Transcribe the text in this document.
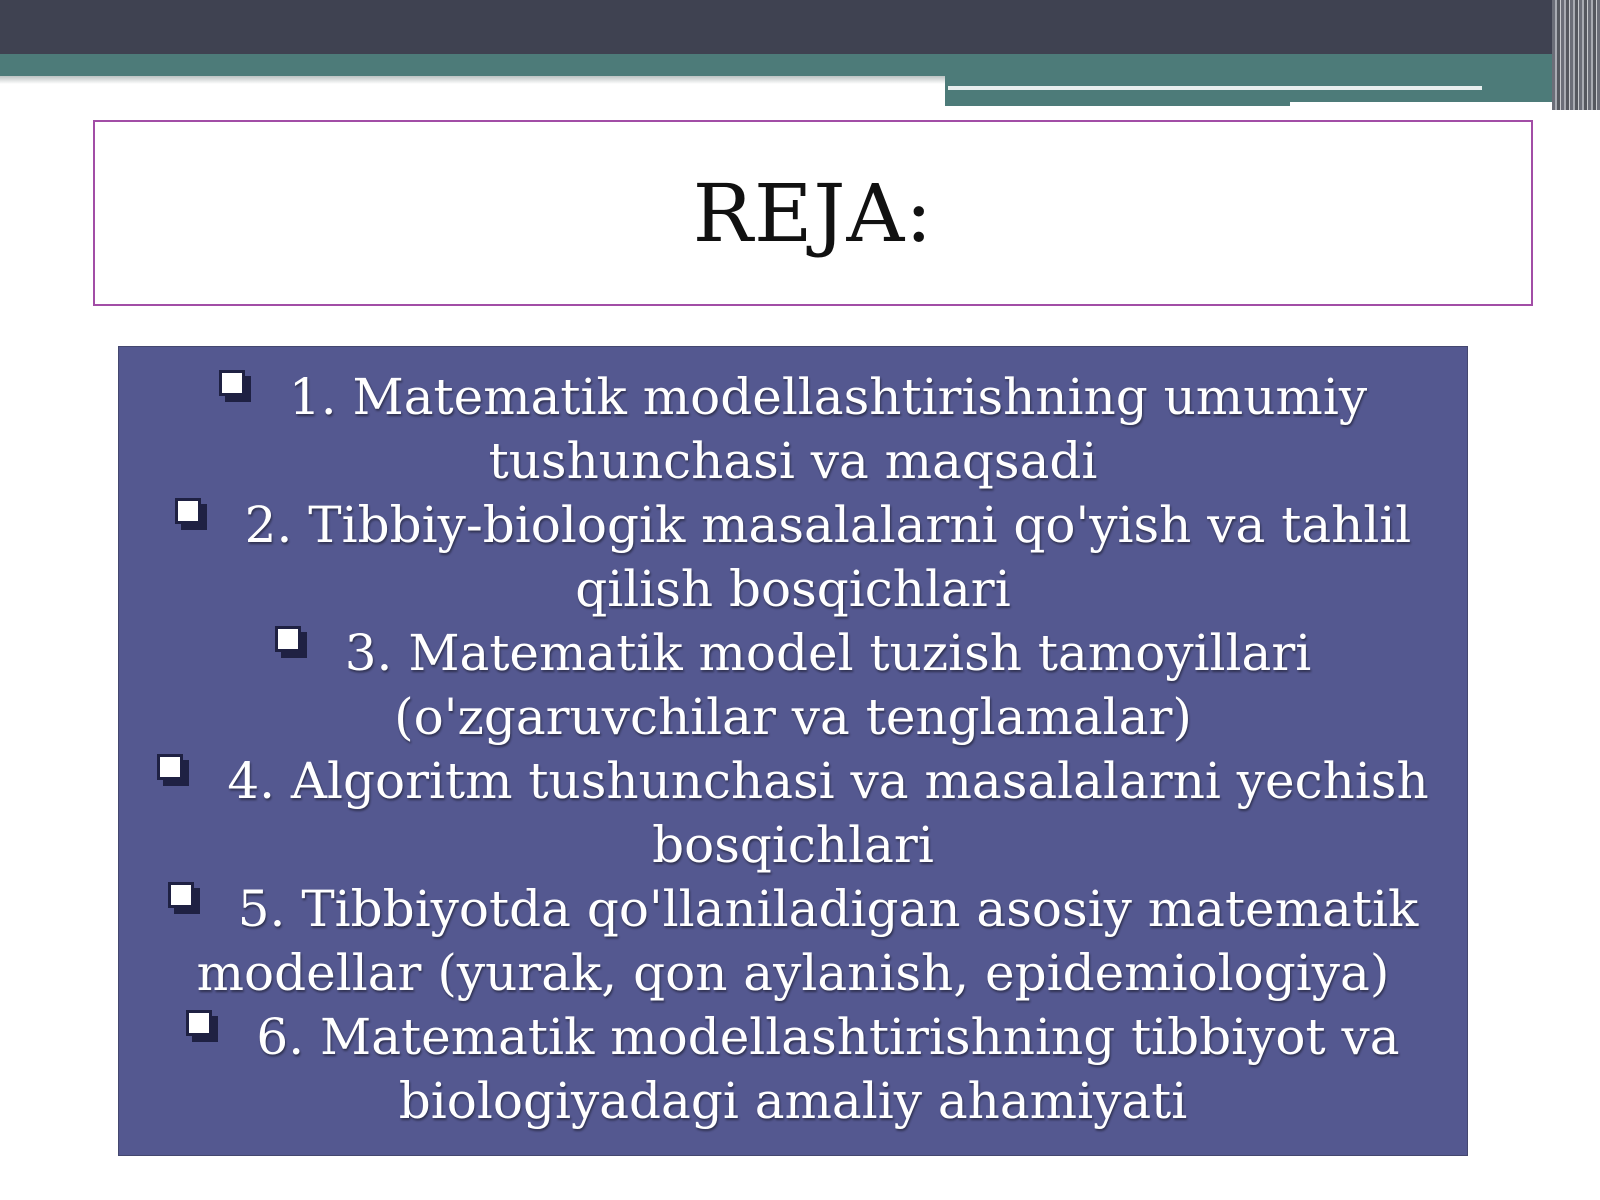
REJA:
1. Matematik modellashtirishning umumiy tushunchasi va maqsadi
2. Tibbiy-biologik masalalarni qo'yish va tahlil qilish bosqichlari
3. Matematik model tuzish tamoyillari (o'zgaruvchilar va tenglamalar)
4. Algoritm tushunchasi va masalalarni yechish bosqichlari
5. Tibbiyotda qo'llaniladigan asosiy matematik modellar (yurak, qon aylanish, epidemiologiya)
6. Matematik modellashtirishning tibbiyot va biologiyadagi amaliy ahamiyati
